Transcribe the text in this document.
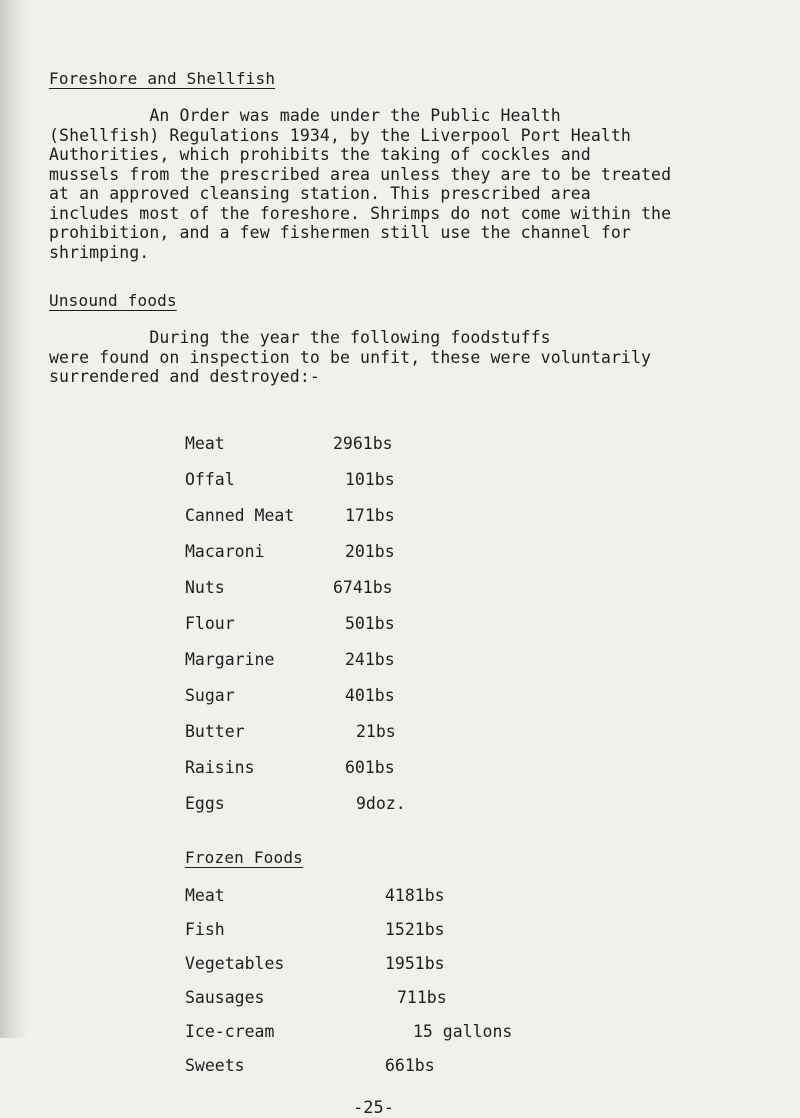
Foreshore and Shellfish
An Order was made under the Public Health
(Shellfish) Regulations 1934, by the Liverpool Port Health
Authorities, which prohibits the taking of cockles and
mussels from the prescribed area unless they are to be treated
at an approved cleansing station. This prescribed area
includes most of the foreshore. Shrimps do not come within the
prohibition, and a few fishermen still use the channel for
shrimping.
Unsound foods
During the year the following foodstuffs
were found on inspection to be unfit, these were voluntarily
surrendered and destroyed:-
Meat	2961bs
Offal	101bs
Canned Meat	171bs
Macaroni	201bs
Nuts	6741bs
Flour	501bs
Margarine	241bs
Sugar	401bs
Butter	21bs
Raisins	601bs
Eggs	9doz.
Frozen Foods
-25-
Meat	4181bs
Fish	1521bs
Vegetables	1951bs
Sausages	711bs
Ice-cream	15 gallons
Sweets	661bs
